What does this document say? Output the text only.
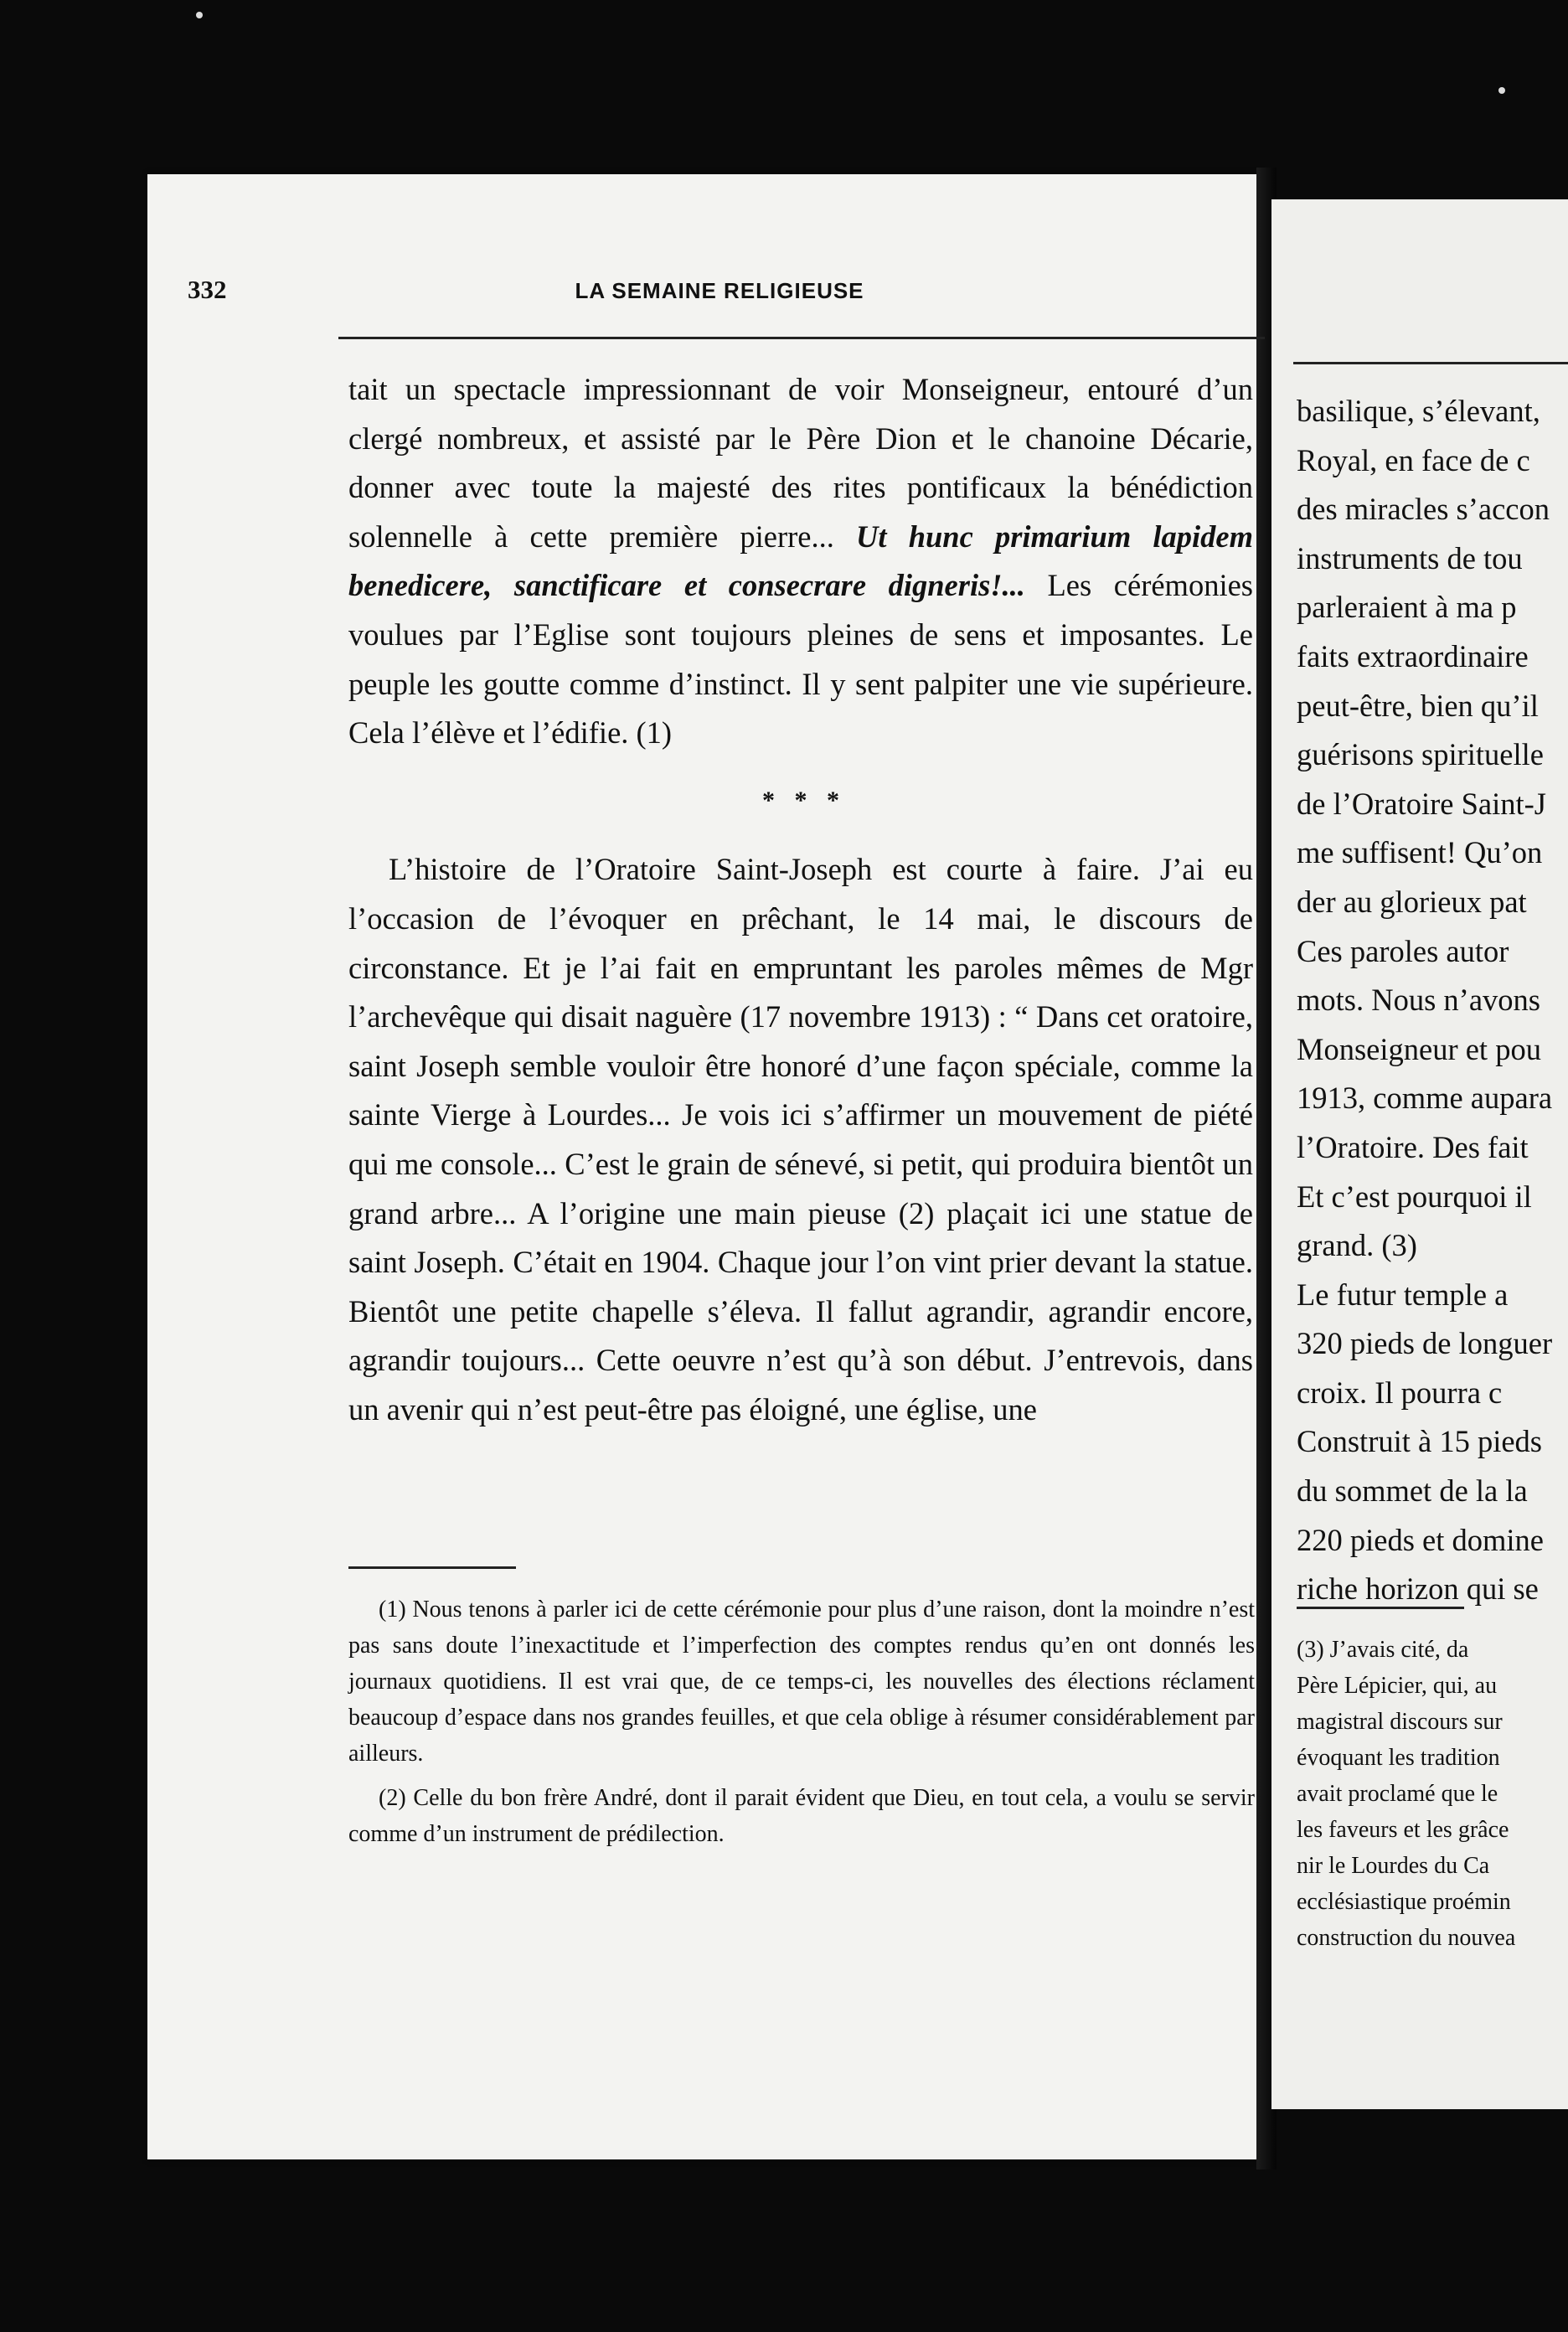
332	LA SEMAINE RELIGIEUSE

tait un spectacle impressionnant de voir Monseigneur, entouré d’un clergé nombreux, et assisté par le Père Dion et le chanoine Décarie, donner avec toute la majesté des rites pontificaux la bénédiction solennelle à cette première pierre... Ut hunc primarium lapidem benedicere, sanctificare et consecrare digneris!... Les cérémonies voulues par l’Eglise sont toujours pleines de sens et imposantes. Le peuple les goutte comme d’instinct. Il y sent palpiter une vie supérieure. Cela l’élève et l’édifie. (1)

* * *

L’histoire de l’Oratoire Saint-Joseph est courte à faire. J’ai eu l’occasion de l’évoquer en prêchant, le 14 mai, le discours de circonstance. Et je l’ai fait en empruntant les paroles mêmes de Mgr l’archevêque qui disait naguère (17 novembre 1913) : “ Dans cet oratoire, saint Joseph semble vouloir être honoré d’une façon spéciale, comme la sainte Vierge à Lourdes... Je vois ici s’affirmer un mouvement de piété qui me console... C’est le grain de sénevé, si petit, qui produira bientôt un grand arbre... A l’origine une main pieuse (2) plaçait ici une statue de saint Joseph. C’était en 1904. Chaque jour l’on vint prier devant la statue. Bientôt une petite chapelle s’éleva. Il fallut agrandir, agrandir encore, agrandir toujours... Cette oeuvre n’est qu’à son début. J’entrevois, dans un avenir qui n’est peut-être pas éloigné, une église, une

(1) Nous tenons à parler ici de cette cérémonie pour plus d’une raison, dont la moindre n’est pas sans doute l’inexactitude et l’imperfection des comptes rendus qu’en ont donnés les journaux quotidiens. Il est vrai que, de ce temps-ci, les nouvelles des élections réclament beaucoup d’espace dans nos grandes feuilles, et que cela oblige à résumer considérablement par ailleurs.

(2) Celle du bon frère André, dont il parait évident que Dieu, en tout cela, a voulu se servir comme d’un instrument de prédilection.

basilique, s’élevant,
Royal, en face de c
des miracles s’accon
instruments de tou
parleraient à ma p
faits extraordinaire
peut-être, bien qu’il
guérisons spirituelle
de l’Oratoire Saint-J
me suffisent! Qu’on
der au glorieux pat
Ces paroles autor
mots. Nous n’avons
Monseigneur et pou
1913, comme aupara
l’Oratoire. Des fait
Et c’est pourquoi il
grand. (3)
Le futur temple a
320 pieds de longuer
croix. Il pourra c
Construit à 15 pieds
du sommet de la la
220 pieds et domine
riche horizon qui se
(3) J’avais cité, da
Père Lépicier, qui, au
magistral discours sur
évoquant les tradition
avait proclamé que le
les faveurs et les grâce
nir le Lourdes du Ca
ecclésiastique proémin
construction du nouvea
